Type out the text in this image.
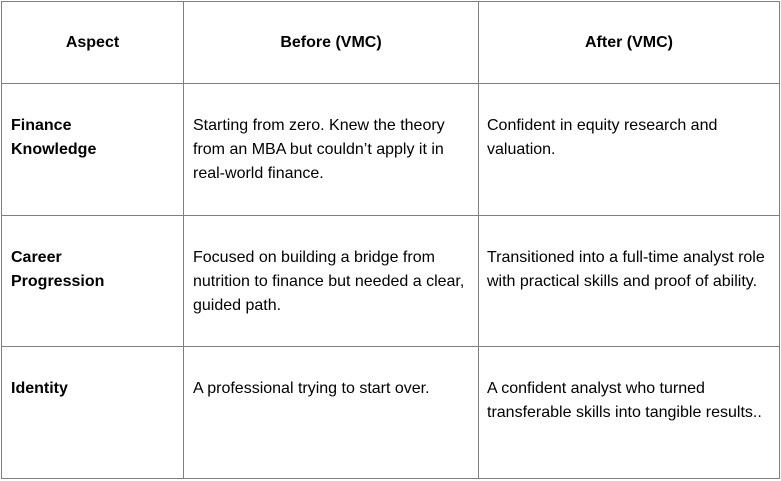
Aspect	Before (VMC)	After (VMC)

Finance Knowledge	Starting from zero. Knew the theory from an MBA but couldn’t apply it in real-world finance.	Confident in equity research and valuation.

Career Progression	Focused on building a bridge from nutrition to finance but needed a clear, guided path.	Transitioned into a full-time analyst role with practical skills and proof of ability.

Identity	A professional trying to start over.	A confident analyst who turned transferable skills into tangible results..
